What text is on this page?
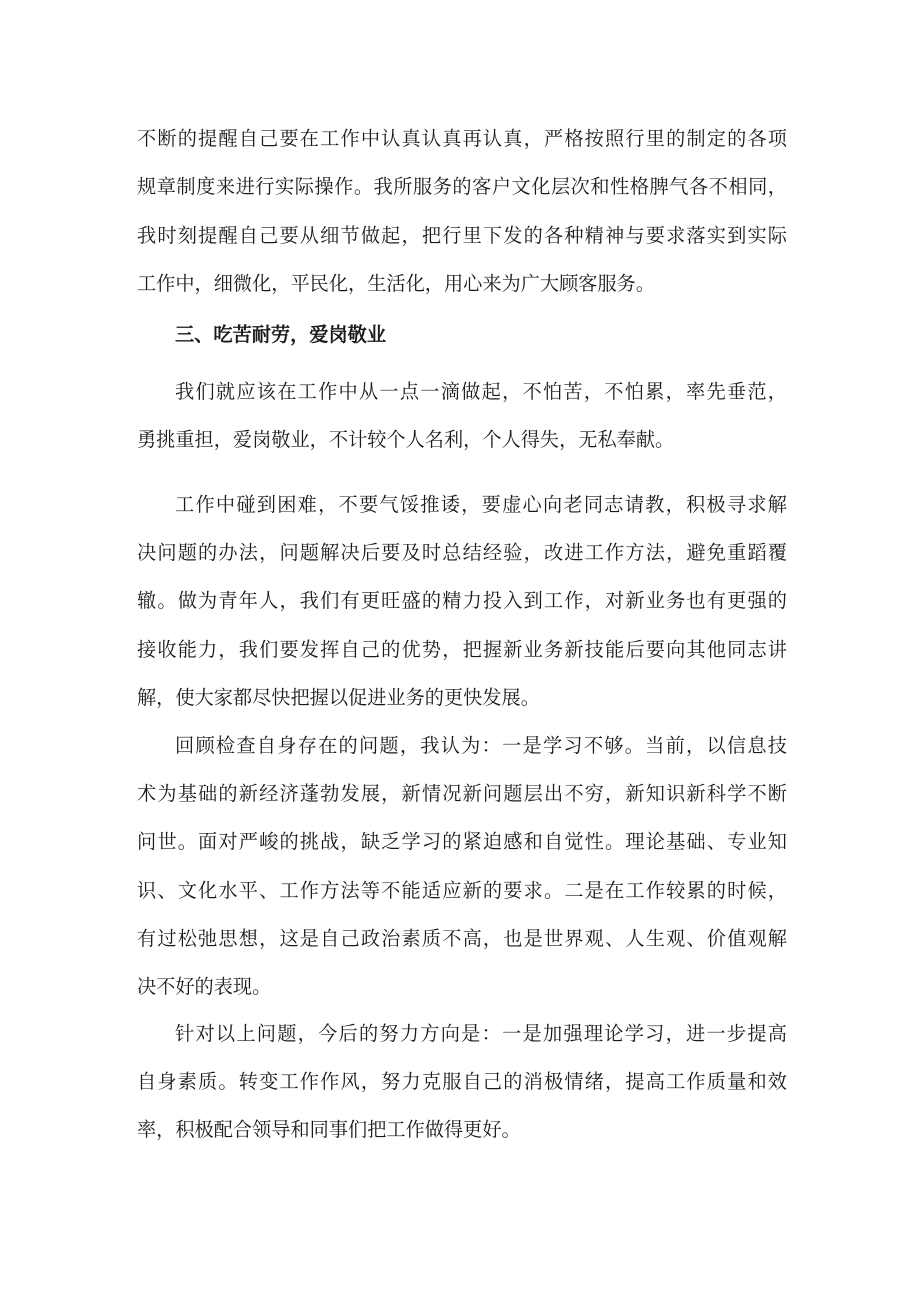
不断的提醒自己要在工作中认真认真再认真，严格按照行里的制定的各项
规章制度来进行实际操作。我所服务的客户文化层次和性格脾气各不相同，
我时刻提醒自己要从细节做起，把行里下发的各种精神与要求落实到实际
工作中，细微化，平民化，生活化，用心来为广大顾客服务。
三、吃苦耐劳，爱岗敬业
我们就应该在工作中从一点一滴做起，不怕苦，不怕累，率先垂范，
勇挑重担，爱岗敬业，不计较个人名利，个人得失，无私奉献。
工作中碰到困难，不要气馁推诿，要虚心向老同志请教，积极寻求解
决问题的办法，问题解决后要及时总结经验，改进工作方法，避免重蹈覆
辙。做为青年人，我们有更旺盛的精力投入到工作，对新业务也有更强的
接收能力，我们要发挥自己的优势，把握新业务新技能后要向其他同志讲
解，使大家都尽快把握以促进业务的更快发展。
回顾检查自身存在的问题，我认为：一是学习不够。当前，以信息技
术为基础的新经济蓬勃发展，新情况新问题层出不穷，新知识新科学不断
问世。面对严峻的挑战，缺乏学习的紧迫感和自觉性。理论基础、专业知
识、文化水平、工作方法等不能适应新的要求。二是在工作较累的时候，
有过松弛思想，这是自己政治素质不高，也是世界观、人生观、价值观解
决不好的表现。
针对以上问题，今后的努力方向是：一是加强理论学习，进一步提高
自身素质。转变工作作风，努力克服自己的消极情绪，提高工作质量和效
率，积极配合领导和同事们把工作做得更好。
